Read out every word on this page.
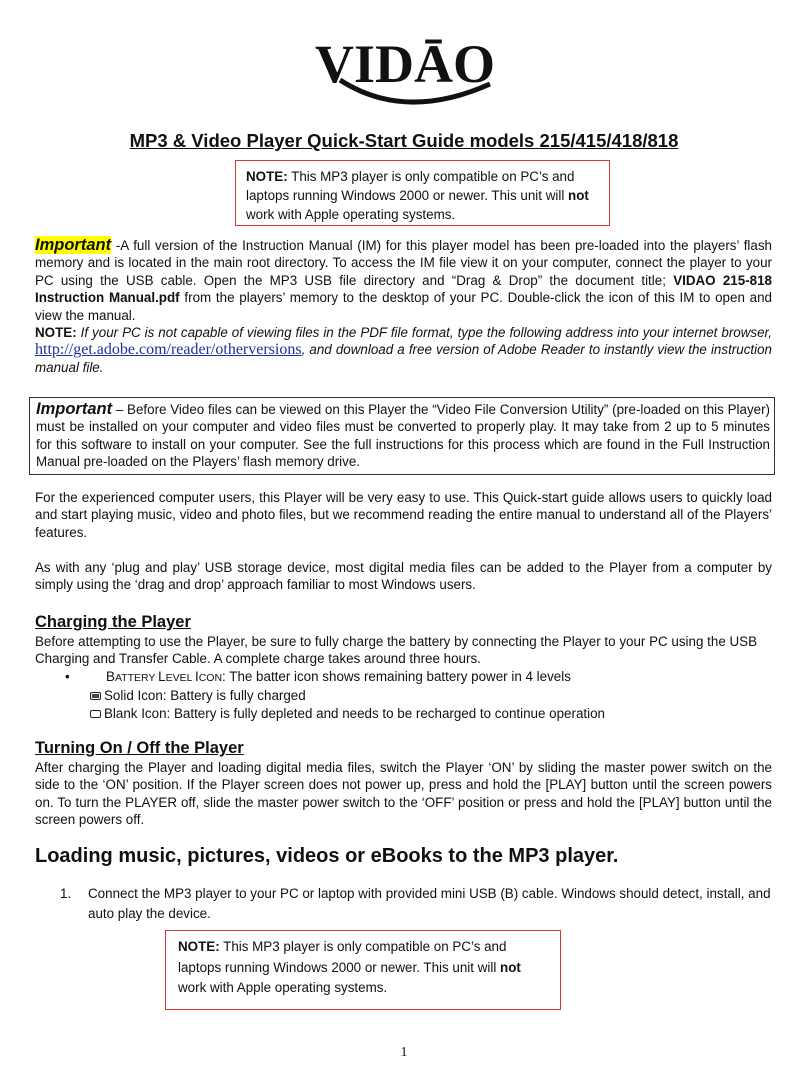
VIDĀO
MP3 & Video Player Quick-Start Guide models 215/415/418/818
NOTE: This MP3 player is only compatible on PC’s and laptops running Windows 2000 or newer. This unit will not work with Apple operating systems.
Important -A full version of the Instruction Manual (IM) for this player model has been pre-loaded into the players’ flash memory and is located in the main root directory. To access the IM file view it on your computer, connect the player to your PC using the USB cable. Open the MP3 USB file directory and “Drag & Drop” the document title; VIDAO 215-818 Instruction Manual.pdf from the players’ memory to the desktop of your PC. Double-click the icon of this IM to open and view the manual.
NOTE: If your PC is not capable of viewing files in the PDF file format, type the following address into your internet browser, http://get.adobe.com/reader/otherversions, and download a free version of Adobe Reader to instantly view the instruction manual file.
Important – Before Video files can be viewed on this Player the “Video File Conversion Utility” (pre-loaded on this Player) must be installed on your computer and video files must be converted to properly play. It may take from 2 up to 5 minutes for this software to install on your computer. See the full instructions for this process which are found in the Full Instruction Manual pre-loaded on the Players’ flash memory drive.
For the experienced computer users, this Player will be very easy to use. This Quick-start guide allows users to quickly load and start playing music, video and photo files, but we recommend reading the entire manual to understand all of the Players’ features.
As with any ‘plug and play’ USB storage device, most digital media files can be added to the Player from a computer by simply using the ‘drag and drop’ approach familiar to most Windows users.
Charging the Player
Before attempting to use the Player, be sure to fully charge the battery by connecting the Player to your PC using the USB Charging and Transfer Cable. A complete charge takes around three hours.
•	BATTERY LEVEL ICON: The batter icon shows remaining battery power in 4 levels
Solid Icon: Battery is fully charged
Blank Icon: Battery is fully depleted and needs to be recharged to continue operation
Turning On / Off the Player
After charging the Player and loading digital media files, switch the Player ‘ON’ by sliding the master power switch on the side to the ‘ON’ position. If the Player screen does not power up, press and hold the [PLAY] button until the screen powers on. To turn the PLAYER off, slide the master power switch to the ‘OFF’ position or press and hold the [PLAY] button until the screen powers off.
Loading music, pictures, videos or eBooks to the MP3 player.
1.	Connect the MP3 player to your PC or laptop with provided mini USB (B) cable. Windows should detect, install, and auto play the device.
NOTE: This MP3 player is only compatible on PC’s and laptops running Windows 2000 or newer. This unit will not work with Apple operating systems.
1
